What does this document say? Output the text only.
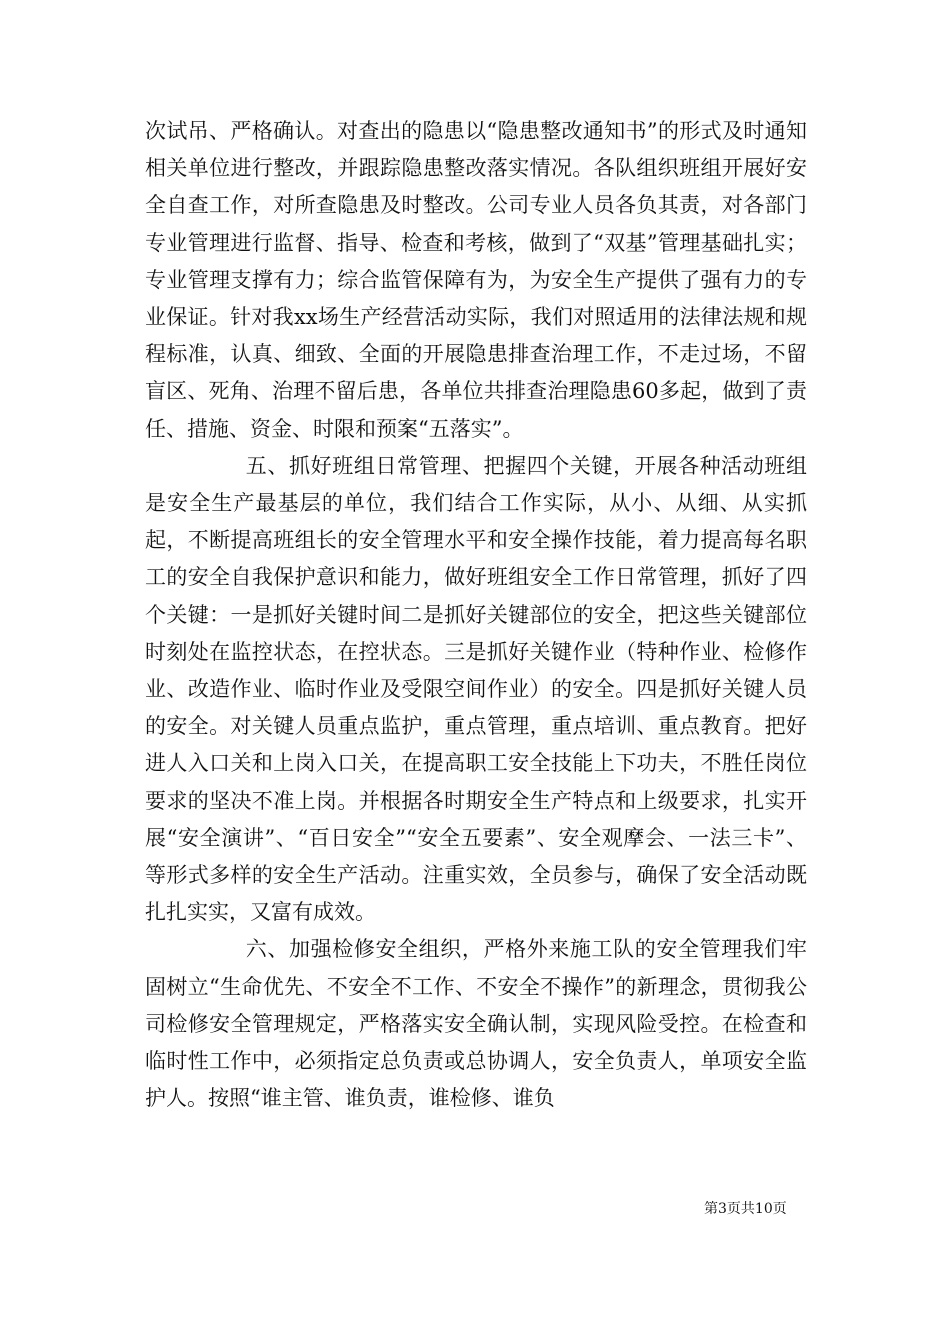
次试吊、严格确认。对查出的隐患以“隐患整改通知书”的形式及时通知相关单位进行整改，并跟踪隐患整改落实情况。各队组织班组开展好安全自查工作，对所查隐患及时整改。公司专业人员各负其责，对各部门专业管理进行监督、指导、检查和考核，做到了“双基”管理基础扎实；专业管理支撑有力；综合监管保障有为，为安全生产提供了强有力的专业保证。针对我xx场生产经营活动实际，我们对照适用的法律法规和规程标准，认真、细致、全面的开展隐患排查治理工作，不走过场，不留盲区、死角、治理不留后患，各单位共排查治理隐患60多起，做到了责任、措施、资金、时限和预案“五落实”。

五、抓好班组日常管理、把握四个关键，开展各种活动班组是安全生产最基层的单位，我们结合工作实际，从小、从细、从实抓起，不断提高班组长的安全管理水平和安全操作技能，着力提高每名职工的安全自我保护意识和能力，做好班组安全工作日常管理，抓好了四个关键：一是抓好关键时间二是抓好关键部位的安全，把这些关键部位时刻处在监控状态，在控状态。三是抓好关键作业（特种作业、检修作业、改造作业、临时作业及受限空间作业）的安全。四是抓好关键人员的安全。对关键人员重点监护，重点管理，重点培训、重点教育。把好进人入口关和上岗入口关，在提高职工安全技能上下功夫，不胜任岗位要求的坚决不准上岗。并根据各时期安全生产特点和上级要求，扎实开展“安全演讲”、“百日安全”“安全五要素”、安全观摩会、一法三卡”、等形式多样的安全生产活动。注重实效，全员参与，确保了安全活动既扎扎实实，又富有成效。

六、加强检修安全组织，严格外来施工队的安全管理我们牢固树立“生命优先、不安全不工作、不安全不操作”的新理念，贯彻我公司检修安全管理规定，严格落实安全确认制，实现风险受控。在检查和临时性工作中，必须指定总负责或总协调人，安全负责人，单项安全监护人。按照“谁主管、谁负责，谁检修、谁负

第3页共10页
